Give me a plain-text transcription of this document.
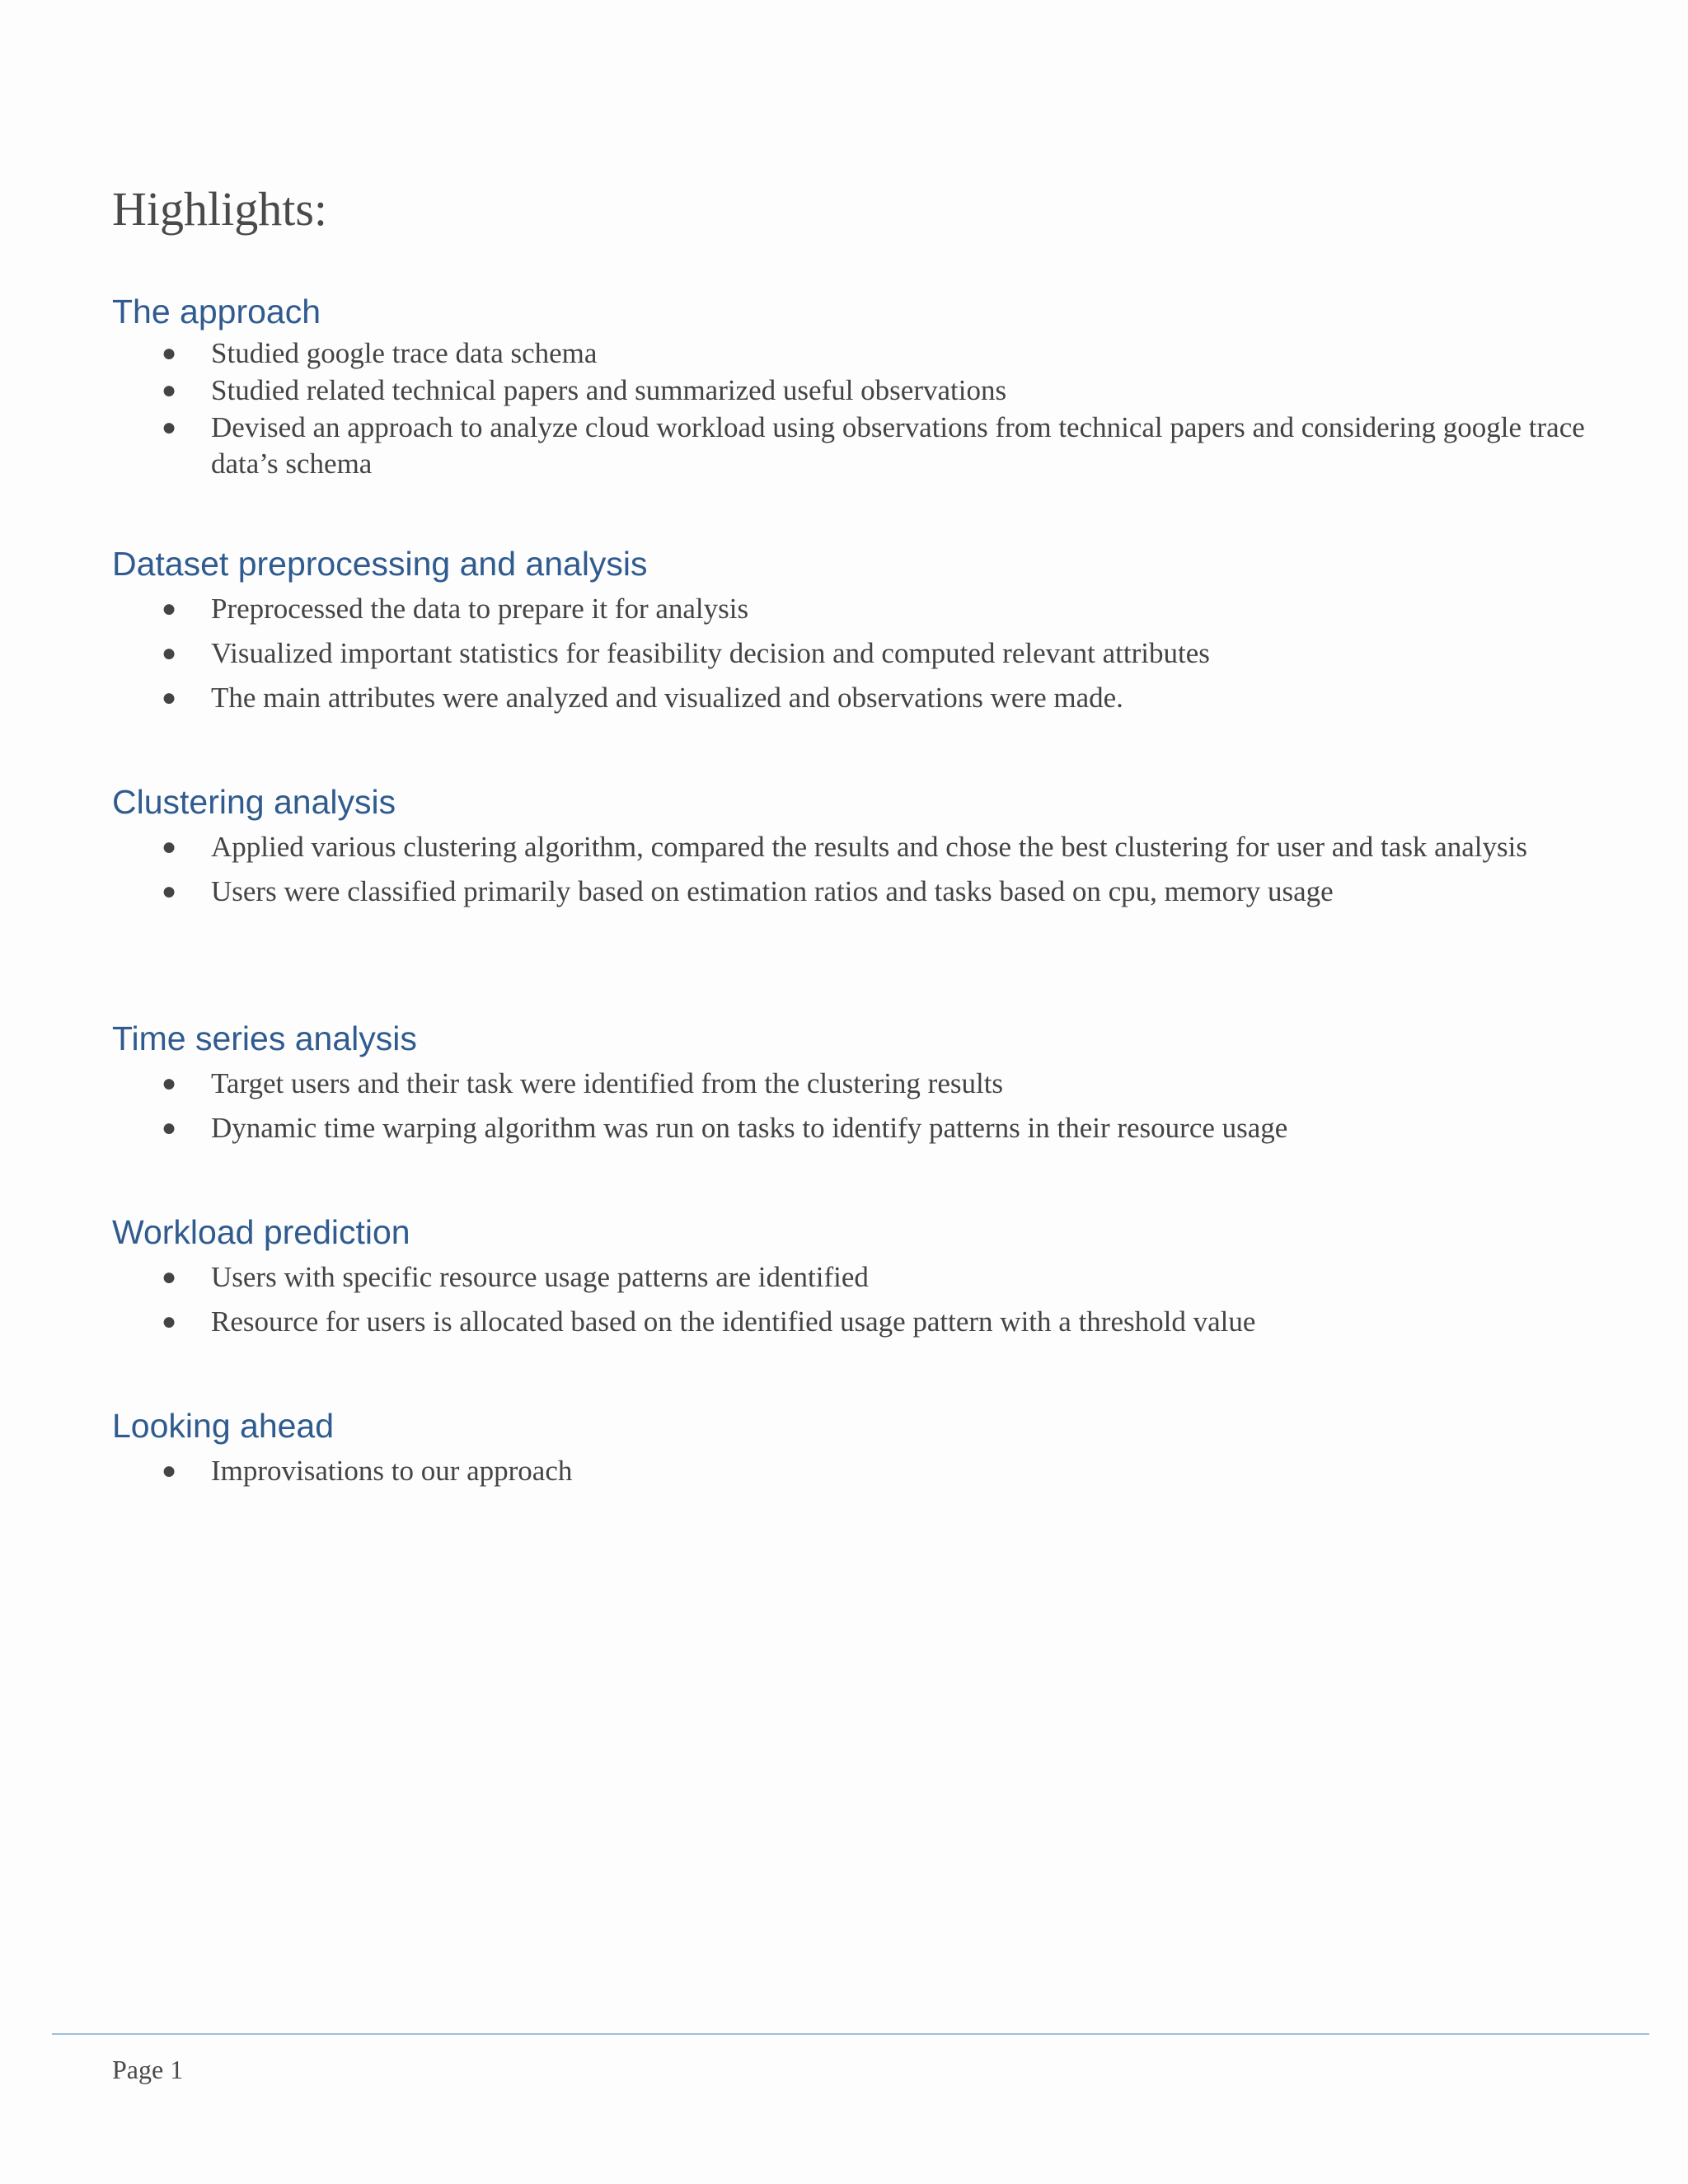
Highlights:
The approach
● Studied google trace data schema
● Studied related technical papers and summarized useful observations
● Devised an approach to analyze cloud workload using observations from technical papers and considering google trace data’s schema
Dataset preprocessing and analysis
● Preprocessed the data to prepare it for analysis
● Visualized important statistics for feasibility decision and computed relevant attributes
● The main attributes were analyzed and visualized and observations were made.
Clustering analysis
● Applied various clustering algorithm, compared the results and chose the best clustering for user and task analysis
● Users were classified primarily based on estimation ratios and tasks based on cpu, memory usage
Time series analysis
● Target users and their task were identified from the clustering results
● Dynamic time warping algorithm was run on tasks to identify patterns in their resource usage
Workload prediction
● Users with specific resource usage patterns are identified
● Resource for users is allocated based on the identified usage pattern with a threshold value
Looking ahead
● Improvisations to our approach
Page 1
